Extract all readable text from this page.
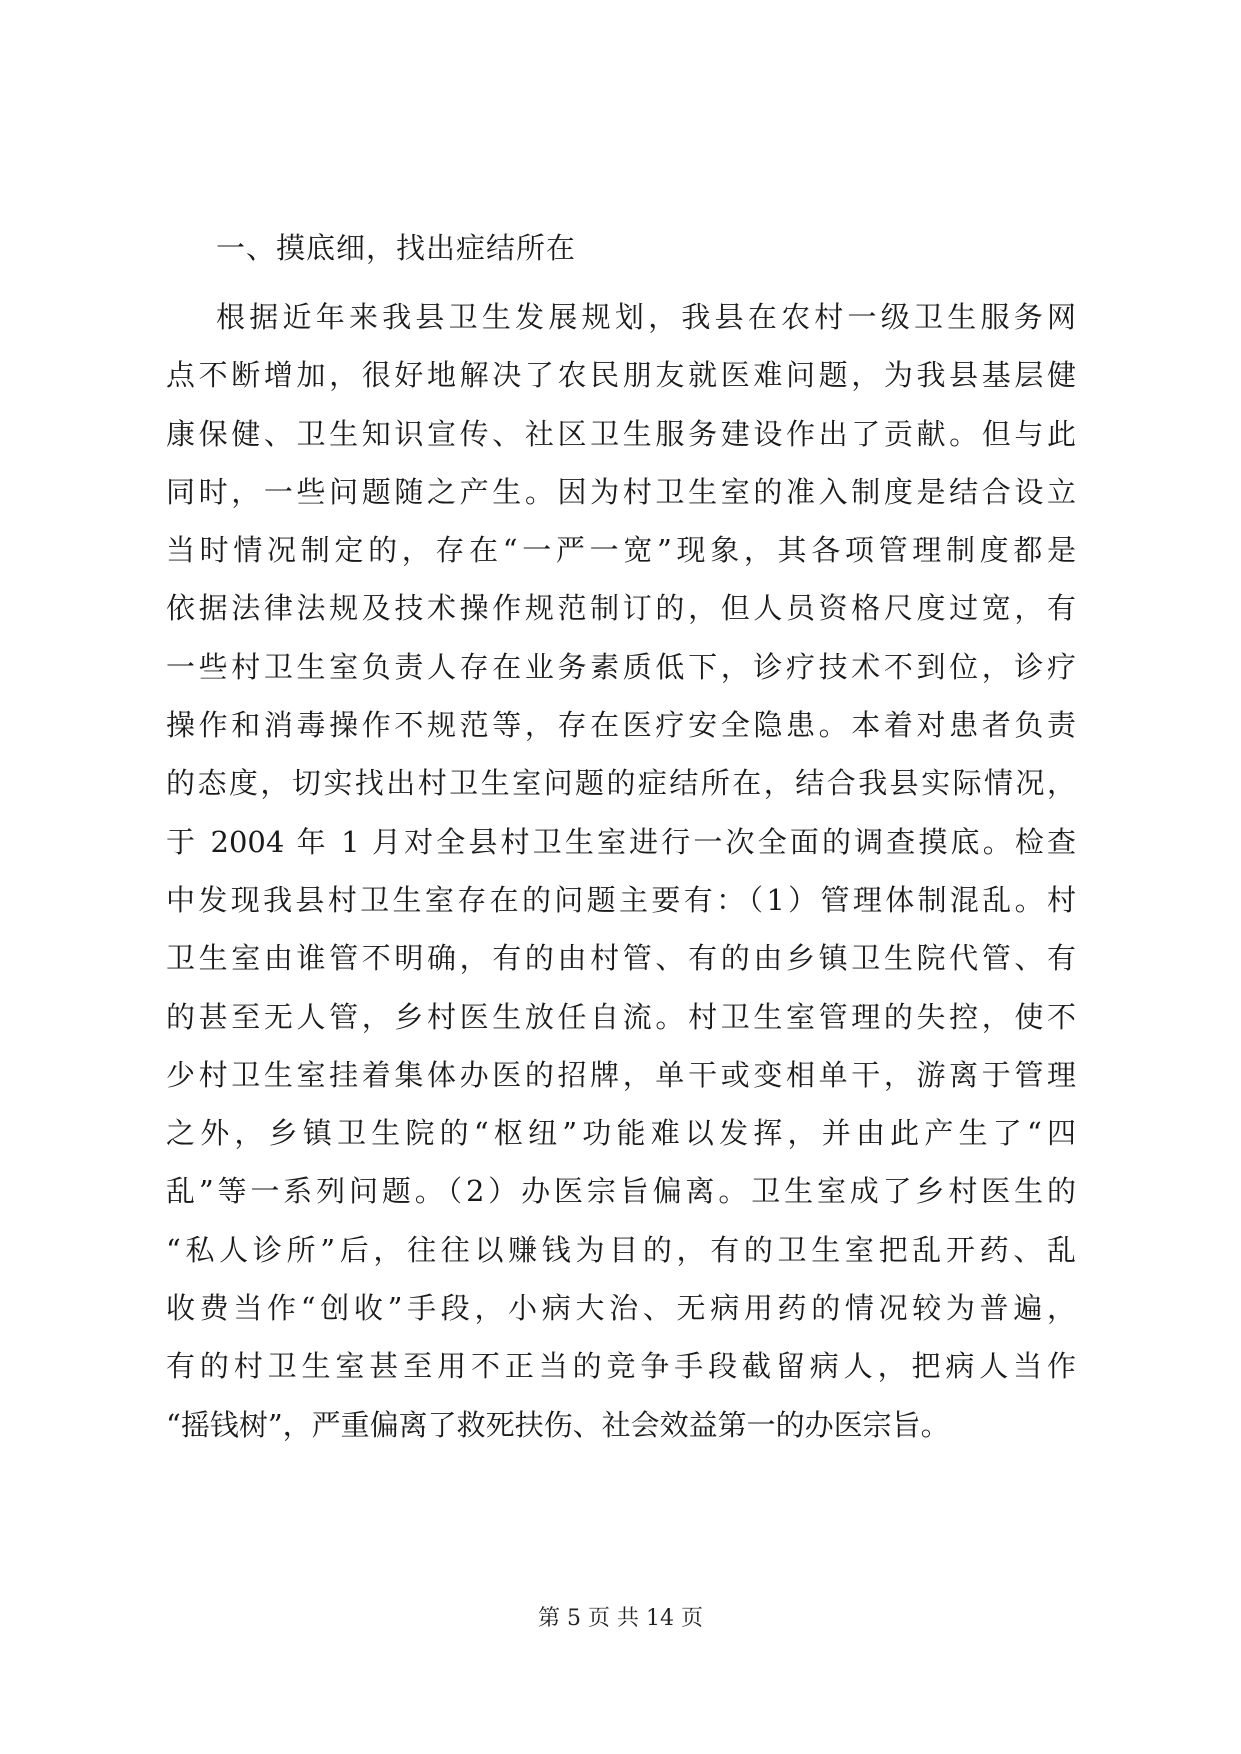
一、摸底细，找出症结所在
根据近年来我县卫生发展规划，我县在农村一级卫生服务网
点不断增加，很好地解决了农民朋友就医难问题，为我县基层健
康保健、卫生知识宣传、社区卫生服务建设作出了贡献。但与此
同时，一些问题随之产生。因为村卫生室的准入制度是结合设立
当时情况制定的，存在“一严一宽”现象，其各项管理制度都是
依据法律法规及技术操作规范制订的，但人员资格尺度过宽，有
一些村卫生室负责人存在业务素质低下，诊疗技术不到位，诊疗
操作和消毒操作不规范等，存在医疗安全隐患。本着对患者负责
的态度，切实找出村卫生室问题的症结所在，结合我县实际情况，
于 2004 年 1 月对全县村卫生室进行一次全面的调查摸底。检查
中发现我县村卫生室存在的问题主要有：（1）管理体制混乱。村
卫生室由谁管不明确，有的由村管、有的由乡镇卫生院代管、有
的甚至无人管，乡村医生放任自流。村卫生室管理的失控，使不
少村卫生室挂着集体办医的招牌，单干或变相单干，游离于管理
之外，乡镇卫生院的“枢纽”功能难以发挥，并由此产生了“四
乱”等一系列问题。（2）办医宗旨偏离。卫生室成了乡村医生的
“私人诊所”后，往往以赚钱为目的，有的卫生室把乱开药、乱
收费当作“创收”手段，小病大治、无病用药的情况较为普遍，
有的村卫生室甚至用不正当的竞争手段截留病人，把病人当作
“摇钱树”，严重偏离了救死扶伤、社会效益第一的办医宗旨。
第 5 页 共 14 页
